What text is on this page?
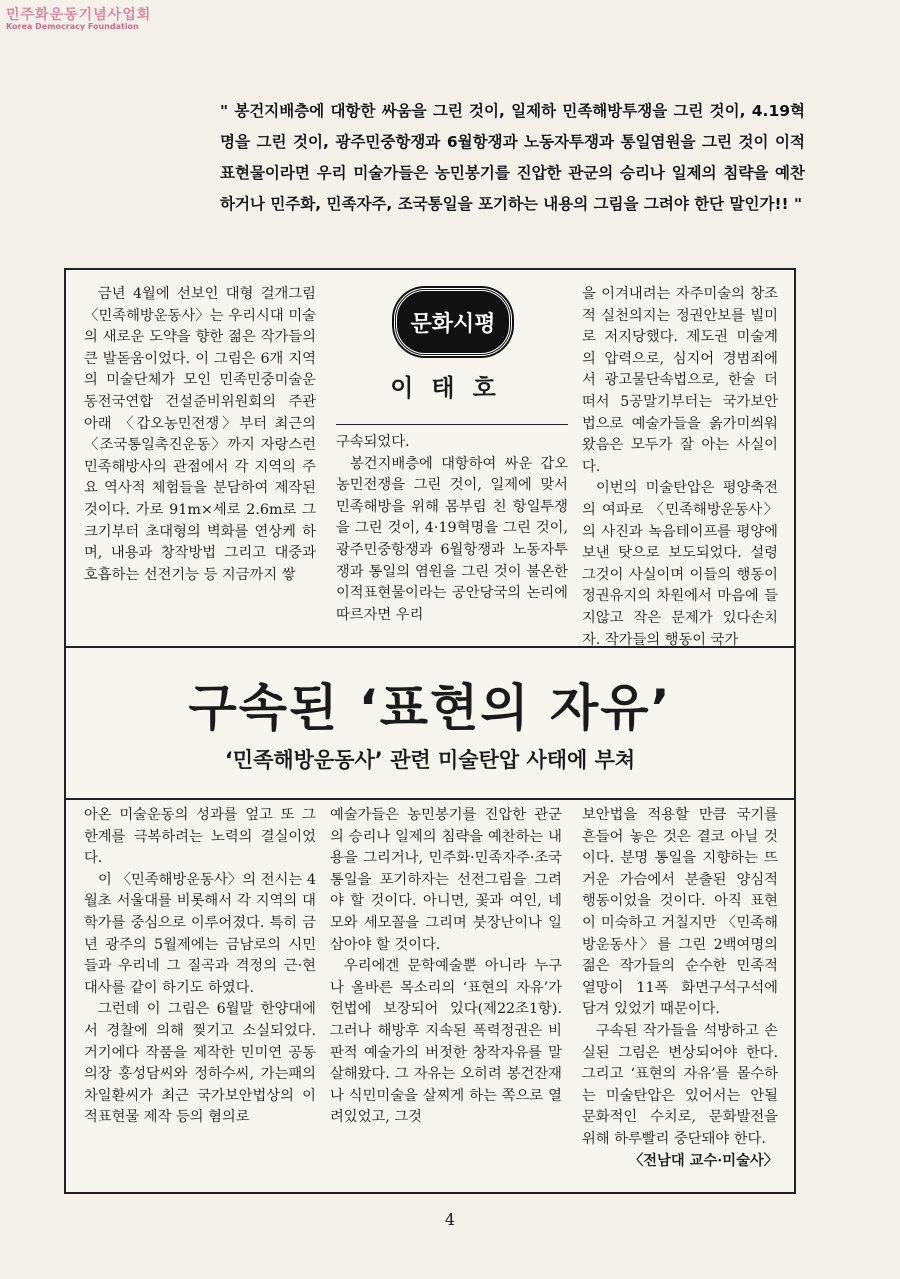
민주화운동기념사업회
Korea Democracy Foundation
" 봉건지배층에 대항한 싸움을 그린 것이, 일제하 민족해방투쟁을 그린 것이, 4.19혁명을 그린 것이, 광주민중항쟁과 6월항쟁과 노동자투쟁과 통일염원을 그린 것이 이적표현물이라면 우리 미술가들은 농민봉기를 진압한 관군의 승리나 일제의 침략을 예찬하거나 민주화, 민족자주, 조국통일을 포기하는 내용의 그림을 그려야 한단 말인가!! "

금년 4월에 선보인 대형 걸개그림 〈민족해방운동사〉는 우리시대 미술의 새로운 도약을 향한 젊은 작가들의 큰 발돋움이었다. 이 그림은 6개 지역의 미술단체가 모인 민족민중미술운동전국연합 건설준비위원회의 주관 아래 〈갑오농민전쟁〉부터 최근의 〈조국통일촉진운동〉까지 자랑스런 민족해방사의 관점에서 각 지역의 주요 역사적 체험들을 분담하여 제작된 것이다. 가로 91m×세로 2.6m로 그 크기부터 초대형의 벽화를 연상케 하며, 내용과 창작방법 그리고 대중과 호흡하는 선전기능 등 지금까지 쌓

문화시평
이태호

구속되었다.

봉건지배층에 대항하여 싸운 갑오농민전쟁을 그린 것이, 일제에 맞서 민족해방을 위해 몸부림 친 항일투쟁을 그린 것이, 4·19혁명을 그린 것이, 광주민중항쟁과 6월항쟁과 노동자투쟁과 통일의 염원을 그린 것이 불온한 이적표현물이라는 공안당국의 논리에 따르자면 우리

을 이겨내려는 자주미술의 창조적 실천의지는 정권안보를 빌미로 저지당했다. 제도권 미술계의 압력으로, 심지어 경범죄에서 광고물단속법으로, 한술 더 떠서 5공말기부터는 국가보안법으로 예술가들을 옭가미씌워왔음은 모두가 잘 아는 사실이다.

이번의 미술탄압은 평양축전의 여파로 〈민족해방운동사〉의 사진과 녹음테이프를 평양에 보낸 탓으로 보도되었다. 설령 그것이 사실이며 이들의 행동이 정권유지의 차원에서 마음에 들지않고 작은 문제가 있다손치자. 작가들의 행동이 국가

구속된 ‘표현의 자유’
‘민족해방운동사’ 관련 미술탄압 사태에 부쳐

아온 미술운동의 성과를 엎고 또 그 한계를 극복하려는 노력의 결실이었다.

이 〈민족해방운동사〉의 전시는 4월초 서울대를 비롯해서 각 지역의 대학가를 중심으로 이루어졌다. 특히 금년 광주의 5월제에는 금남로의 시민들과 우리네 그 질곡과 격정의 근·현대사를 같이 하기도 하였다.

그런데 이 그림은 6월말 한양대에서 경찰에 의해 찢기고 소실되었다. 거기에다 작품을 제작한 민미연 공동의장 홍성담씨와 정하수씨, 가는패의 차일환씨가 최근 국가보안법상의 이적표현물 제작 등의 혐의로

예술가들은 농민봉기를 진압한 관군의 승리나 일제의 침략을 예찬하는 내용을 그리거나, 민주화·민족자주·조국통일을 포기하자는 선전그림을 그려야 할 것이다. 아니면, 꽃과 여인, 네모와 세모꼴을 그리며 붓장난이나 일삼아야 할 것이다.

우리에겐 문학예술뿐 아니라 누구나 올바른 목소리의 ‘표현의 자유’가 헌법에 보장되어 있다(제22조1항). 그러나 해방후 지속된 폭력정권은 비판적 예술가의 버젓한 창작자유를 말살해왔다. 그 자유는 오히려 봉건잔재나 식민미술을 살찌게 하는 쪽으로 열려있었고, 그것

보안법을 적용할 만큼 국기를 흔들어 놓은 것은 결코 아닐 것이다. 분명 통일을 지향하는 뜨거운 가슴에서 분출된 양심적 행동이었을 것이다. 아직 표현이 미숙하고 거칠지만 〈민족해방운동사〉를 그린 2백여명의 젊은 작가들의 순수한 민족적 열망이 11폭 화면구석구석에 담겨 있었기 때문이다.

구속된 작가들을 석방하고 손실된 그림은 변상되어야 한다. 그리고 ‘표현의 자유’를 몰수하는 미술탄압은 있어서는 안될 문화적인 수치로, 문화발전을 위해 하루빨리 중단돼야 한다.

〈전남대 교수·미술사〉
4
